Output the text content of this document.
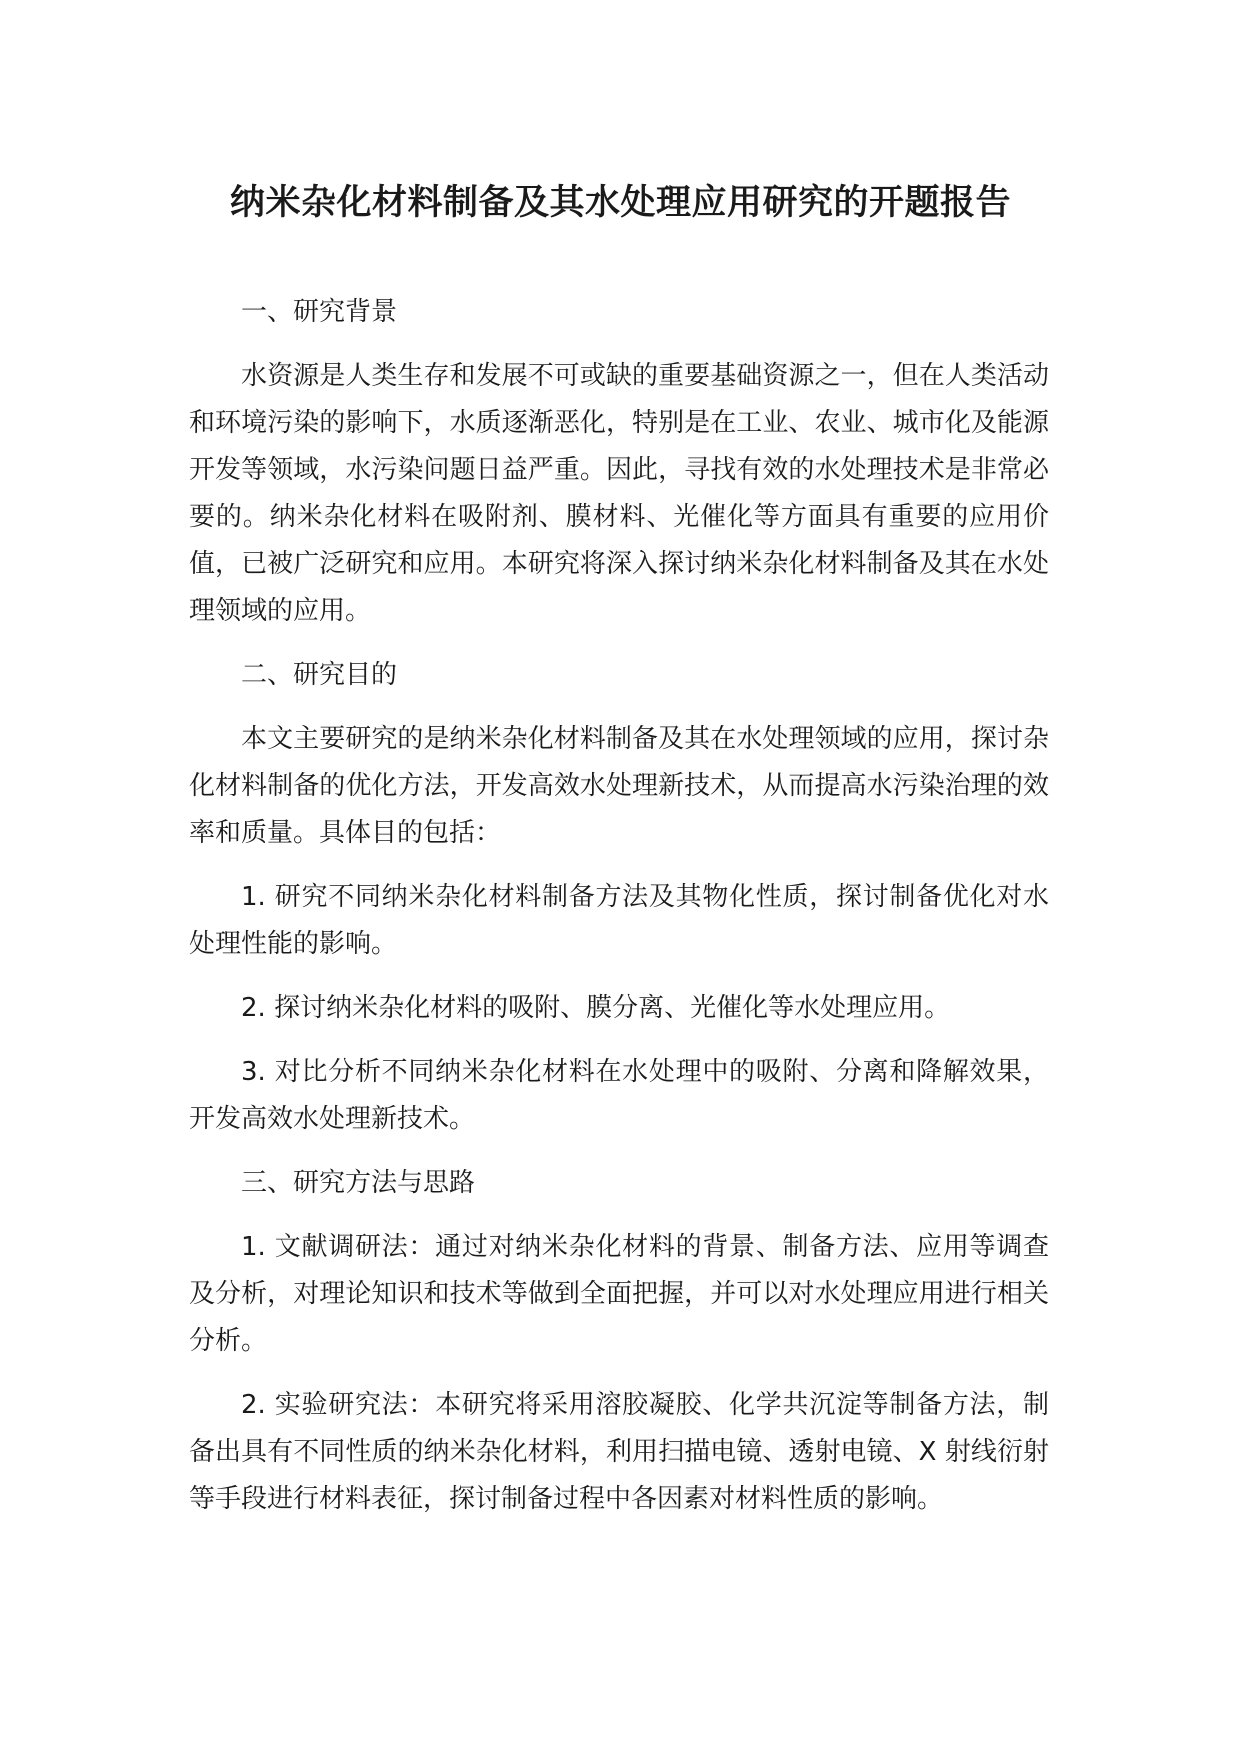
纳米杂化材料制备及其水处理应用研究的开题报告

一、研究背景

水资源是人类生存和发展不可或缺的重要基础资源之一，但在人类活动和环境污染的影响下，水质逐渐恶化，特别是在工业、农业、城市化及能源开发等领域，水污染问题日益严重。因此，寻找有效的水处理技术是非常必要的。纳米杂化材料在吸附剂、膜材料、光催化等方面具有重要的应用价值，已被广泛研究和应用。本研究将深入探讨纳米杂化材料制备及其在水处理领域的应用。

二、研究目的

本文主要研究的是纳米杂化材料制备及其在水处理领域的应用，探讨杂化材料制备的优化方法，开发高效水处理新技术，从而提高水污染治理的效率和质量。具体目的包括：

1. 研究不同纳米杂化材料制备方法及其物化性质，探讨制备优化对水处理性能的影响。

2. 探讨纳米杂化材料的吸附、膜分离、光催化等水处理应用。

3. 对比分析不同纳米杂化材料在水处理中的吸附、分离和降解效果，开发高效水处理新技术。

三、研究方法与思路

1. 文献调研法：通过对纳米杂化材料的背景、制备方法、应用等调查及分析，对理论知识和技术等做到全面把握，并可以对水处理应用进行相关分析。

2. 实验研究法：本研究将采用溶胶凝胶、化学共沉淀等制备方法，制备出具有不同性质的纳米杂化材料，利用扫描电镜、透射电镜、X 射线衍射等手段进行材料表征，探讨制备过程中各因素对材料性质的影响。
